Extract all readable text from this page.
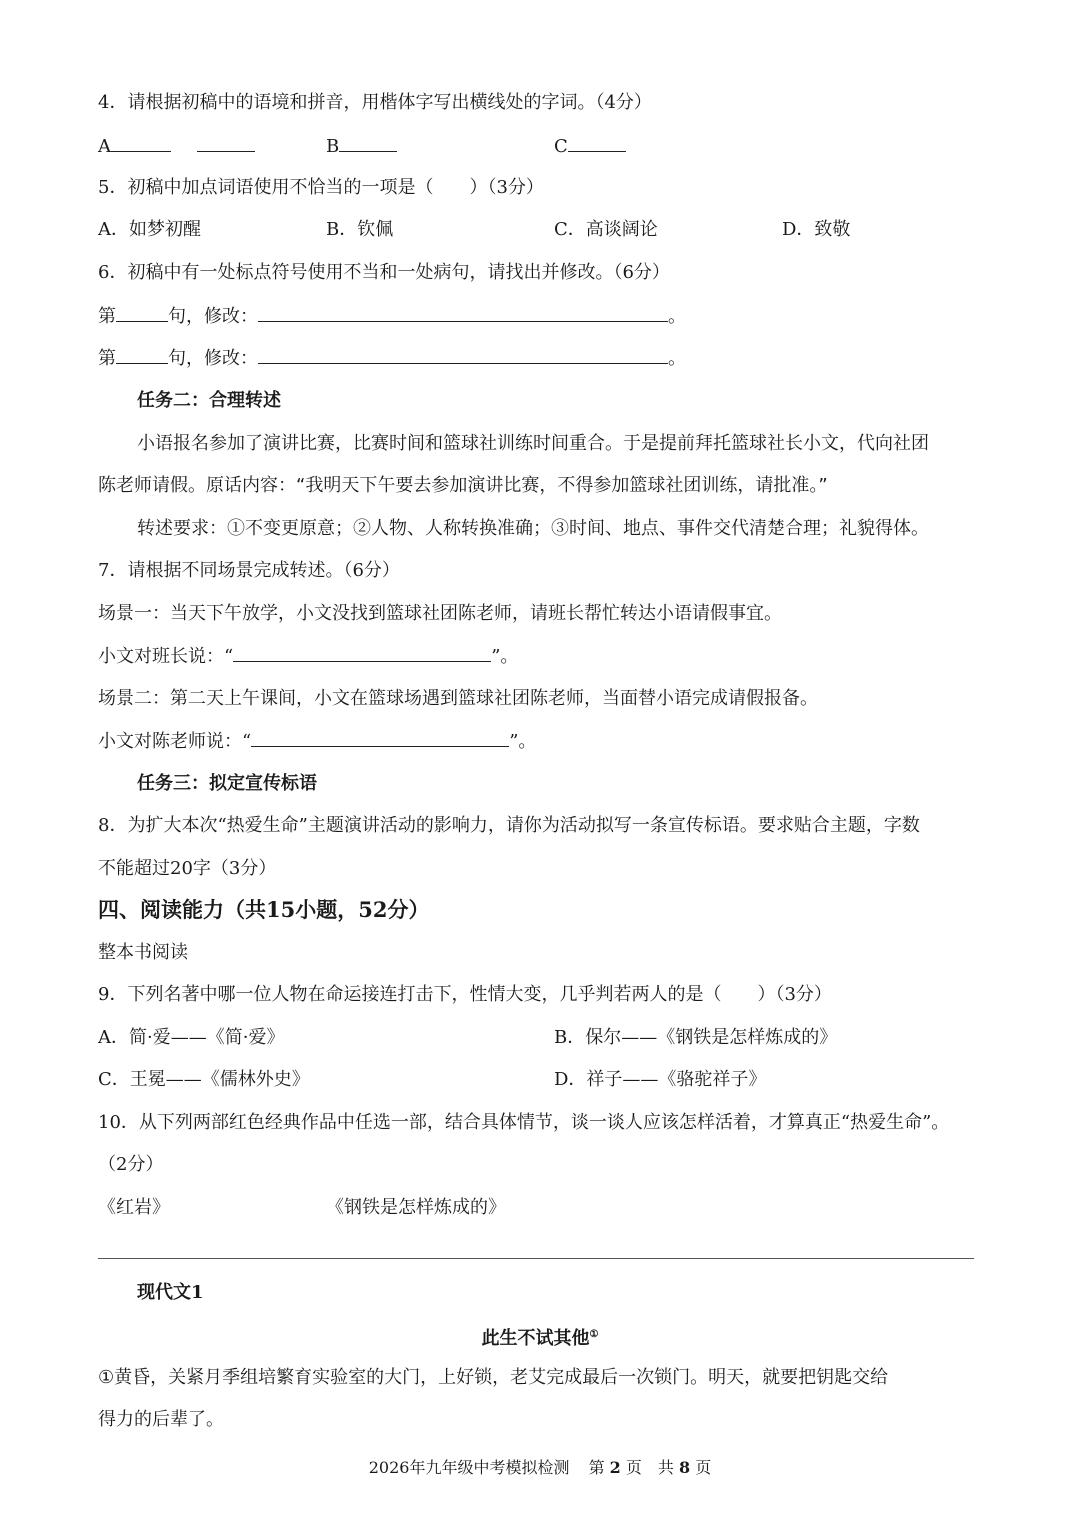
4．请根据初稿中的语境和拼音，用楷体字写出横线处的字词。（4分）
A	B	C
5．初稿中加点词语使用不恰当的一项是（　　）（3分）
A．如梦初醒	B．钦佩	C．高谈阔论	D．致敬
6．初稿中有一处标点符号使用不当和一处病句，请找出并修改。（6分）
第	句，修改：	。
第	句，修改：	。
任务二：合理转述
小语报名参加了演讲比赛，比赛时间和篮球社训练时间重合。于是提前拜托篮球社长小文，代向社团
陈老师请假。原话内容：“我明天下午要去参加演讲比赛，不得参加篮球社团训练，请批准。”
转述要求：①不变更原意；②人物、人称转换准确；③时间、地点、事件交代清楚合理；礼貌得体。
7．请根据不同场景完成转述。（6分）
场景一：当天下午放学，小文没找到篮球社团陈老师，请班长帮忙转达小语请假事宜。
小文对班长说：“	”。
场景二：第二天上午课间，小文在篮球场遇到篮球社团陈老师，当面替小语完成请假报备。
小文对陈老师说：“	”。
任务三：拟定宣传标语
8．为扩大本次“热爱生命”主题演讲活动的影响力，请你为活动拟写一条宣传标语。要求贴合主题，字数
不能超过20字（3分）
四、阅读能力（共15小题，52分）
整本书阅读
9．下列名著中哪一位人物在命运接连打击下，性情大变，几乎判若两人的是（　　）（3分）
A．简·爱——《简·爱》	B．保尔——《钢铁是怎样炼成的》
C．王冕——《儒林外史》	D．祥子——《骆驼祥子》
10．从下列两部红色经典作品中任选一部，结合具体情节，谈一谈人应该怎样活着，才算真正“热爱生命”。
（2分）
《红岩》	《钢铁是怎样炼成的》
现代文1
此生不试其他①
①黄昏，关紧月季组培繁育实验室的大门，上好锁，老艾完成最后一次锁门。明天，就要把钥匙交给
得力的后辈了。
2026年九年级中考模拟检测 第 2 页　共 8 页
